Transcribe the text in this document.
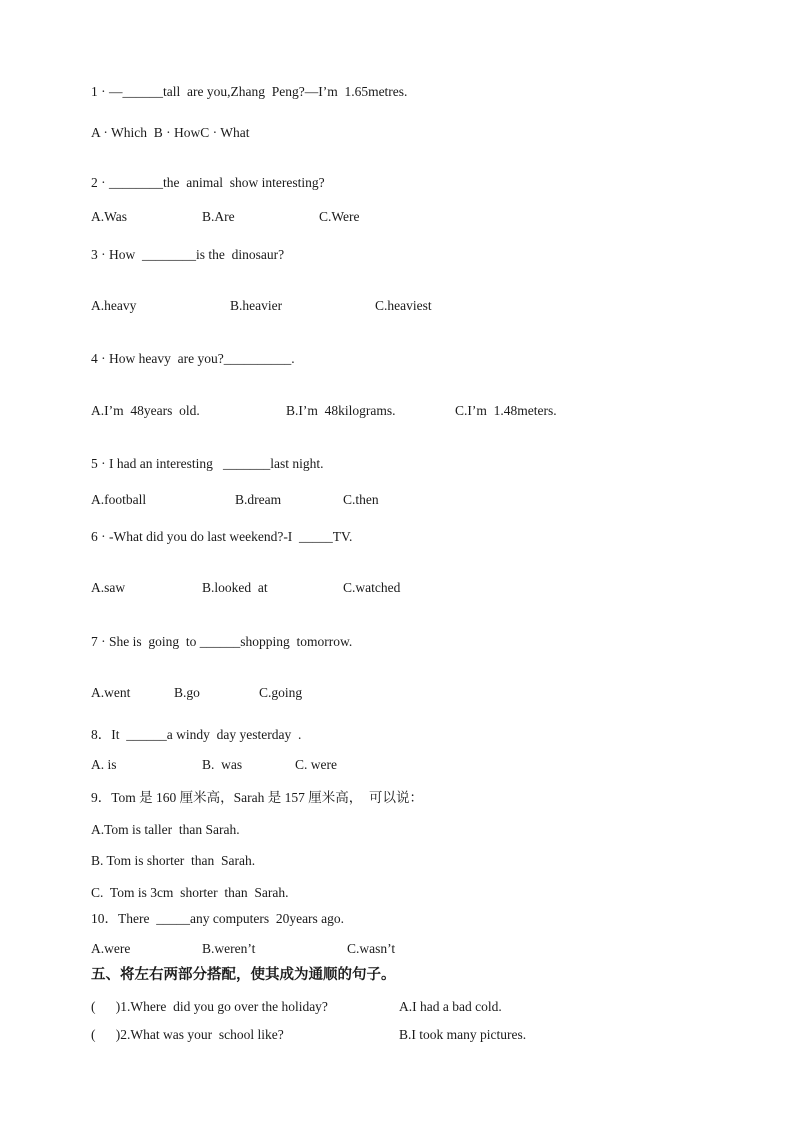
1 · —______tall  are you,Zhang  Peng?—I’m  1.65metres.
A · Which  B · HowC · What
2 · ________the  animal  show interesting?
A.Was	B.Are	C.Were
3 · How  ________is the  dinosaur?
A.heavy	B.heavier	C.heaviest
4 · How heavy  are you?__________.
A.I’m  48years  old.	B.I’m  48kilograms.	C.I’m  1.48meters.
5 · I had an interesting   _______last night.
A.football	B.dream	C.then
6 · -What did you do last weekend?-I  _____TV.
A.saw	B.looked  at	C.watched
7 · She is  going  to ______shopping  tomorrow.
A.went	B.go	C.going
8．It  ______a windy  day yesterday  .
A. is	B.  was	C. were
9．Tom 是 160 厘米高，Sarah 是 157 厘米高，  可以说：
A.Tom is taller  than Sarah.
B. Tom is shorter  than  Sarah.
C.  Tom is 3cm  shorter  than  Sarah.
10．There  _____any computers  20years ago.
A.were	B.weren’t	C.wasn’t
五、将左右两部分搭配，使其成为通顺的句子。
(      )1.Where  did you go over the holiday?	A.I had a bad cold.
(      )2.What was your  school like?	B.I took many pictures.
